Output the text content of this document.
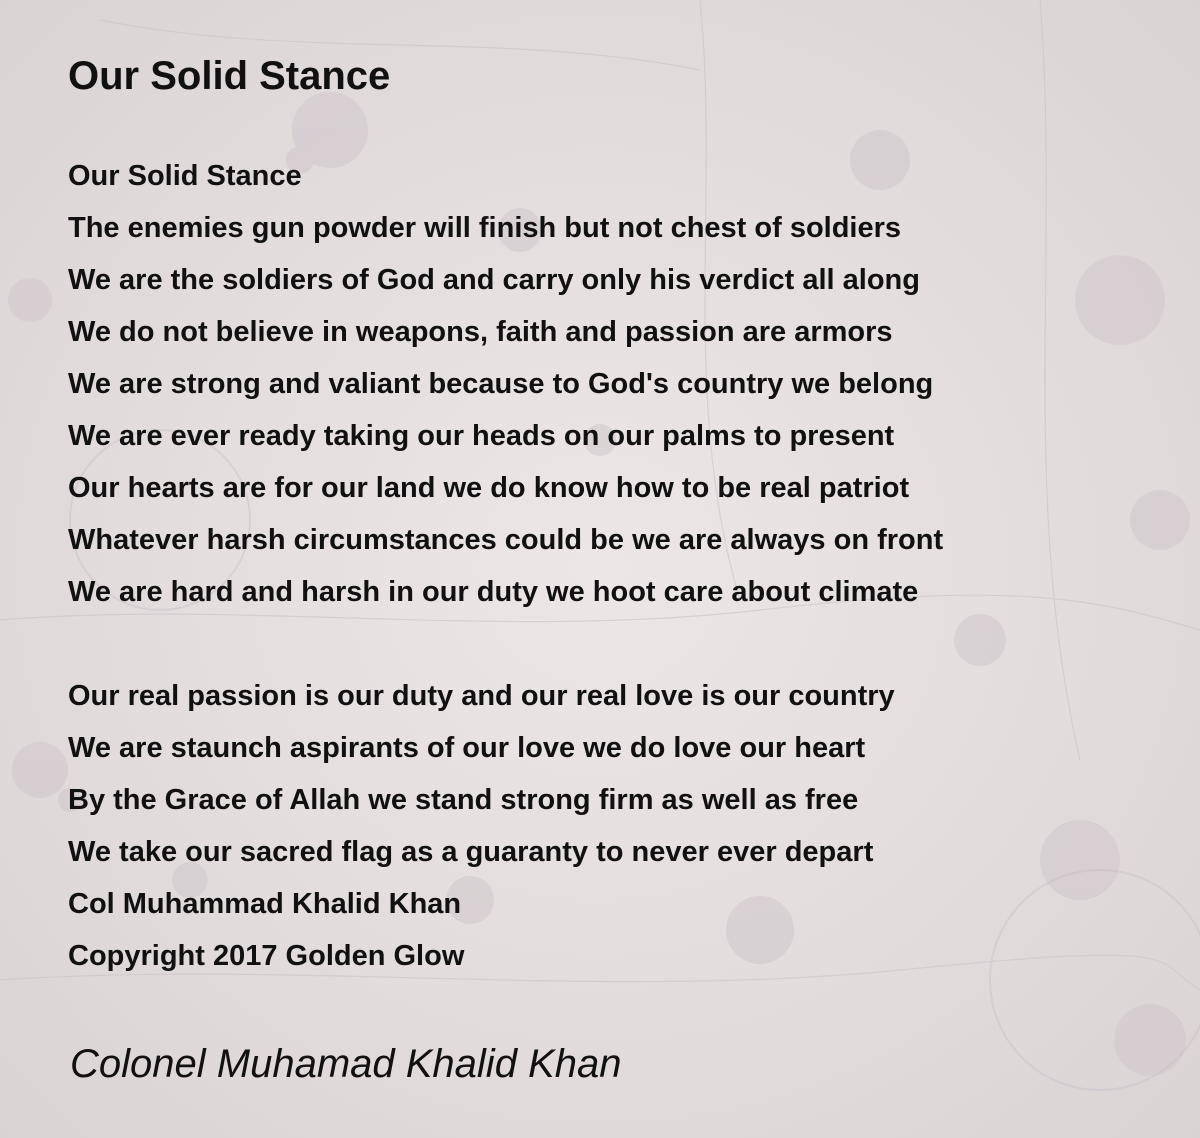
Our Solid Stance
Our Solid Stance
The enemies gun powder will finish but not chest of soldiers
We are the soldiers of God and carry only his verdict all along
We do not believe in weapons, faith and passion are armors
We are strong and valiant because to God's country we belong
We are ever ready taking our heads on our palms to present
Our hearts are for our land we do know how to be real patriot
Whatever harsh circumstances could be we are always on front
We are hard and harsh in our duty we hoot care about climate
Our real passion is our duty and our real love is our country
We are staunch aspirants of our love we do love our heart
By the Grace of Allah we stand strong firm as well as free
We take our sacred flag as a guaranty to never ever depart
Col Muhammad Khalid Khan
Copyright 2017 Golden Glow

Colonel Muhamad Khalid Khan
